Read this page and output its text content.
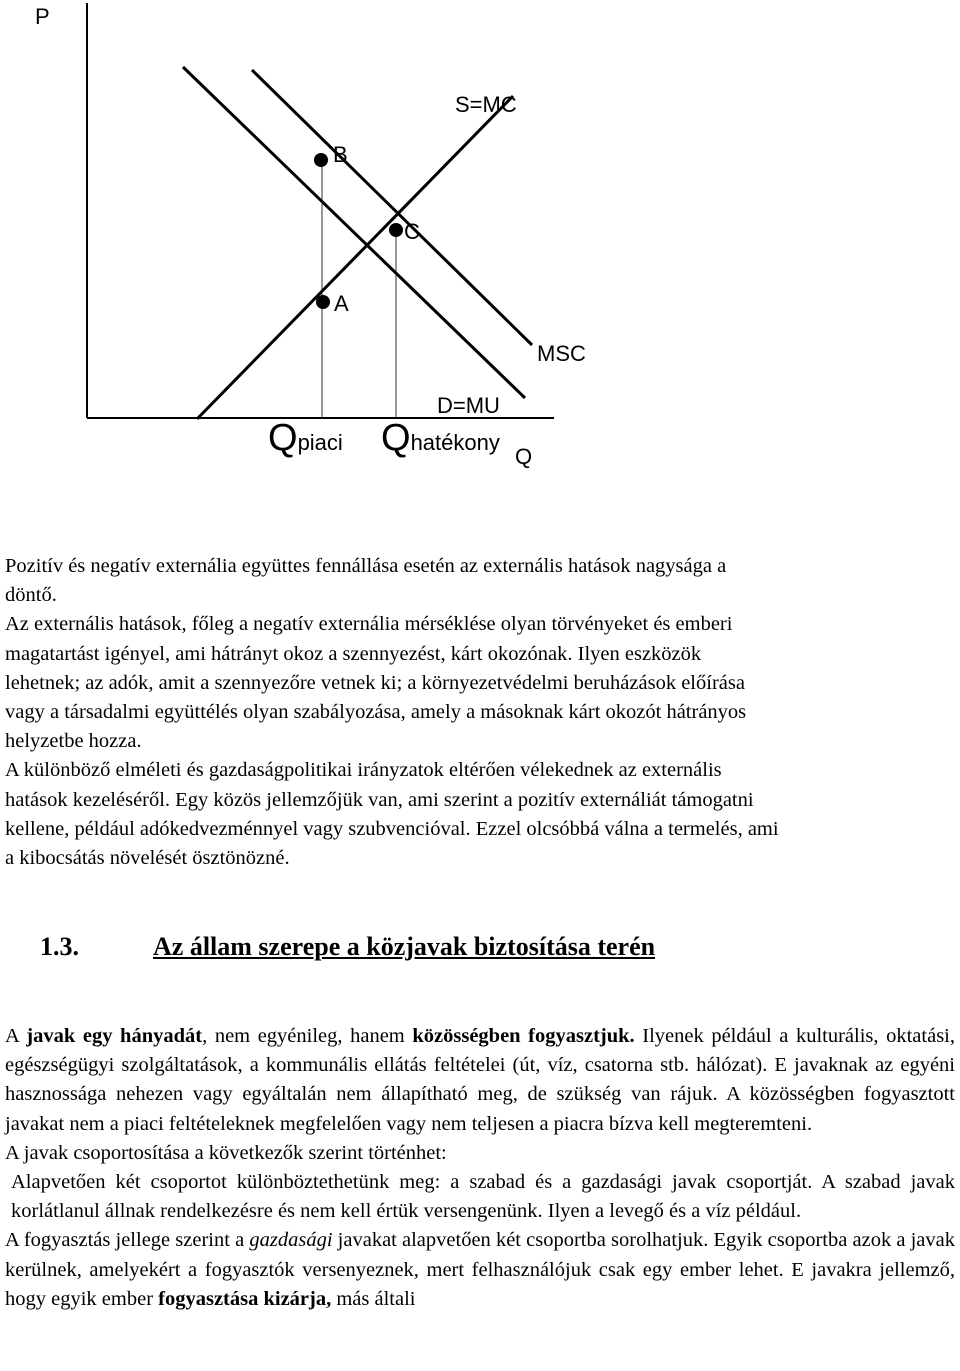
P
S=MC
B
C
A
MSC
D=MU
Qpiaci Qhatékony
Q

Pozitív és negatív externália együttes fennállása esetén az externális hatások nagysága a

döntő.

Az externális hatások, főleg a negatív externália mérséklése olyan törvényeket és emberi

magatartást igényel, ami hátrányt okoz a szennyezést, kárt okozónak. Ilyen eszközök

lehetnek; az adók, amit a szennyezőre vetnek ki; a környezetvédelmi beruházások előírása

vagy a társadalmi együttélés olyan szabályozása, amely a másoknak kárt okozót hátrányos

helyzetbe hozza.

A különböző elméleti és gazdaságpolitikai irányzatok eltérően vélekednek az externális

hatások kezeléséről. Egy közös jellemzőjük van, ami szerint a pozitív externáliát támogatni

kellene, például adókedvezménnyel vagy szubvencióval. Ezzel olcsóbbá válna a termelés, ami

a kibocsátás növelését ösztönözné.

1.3.	Az állam szerepe a közjavak biztosítása terén

A javak egy hányadát, nem egyénileg, hanem közösségben fogyasztjuk. Ilyenek például a kulturális, oktatási, egészségügyi szolgáltatások, a kommunális ellátás feltételei (út, víz, csatorna stb. hálózat). E javaknak az egyéni hasznossága nehezen vagy egyáltalán nem állapítható meg, de szükség van rájuk. A közösségben fogyasztott javakat nem a piaci feltételeknek megfelelően vagy nem teljesen a piacra bízva kell megteremteni.

A javak csoportosítása a következők szerint történhet:

Alapvetően két csoportot különböztethetünk meg: a szabad és a gazdasági javak csoportját. A szabad javak korlátlanul állnak rendelkezésre és nem kell értük versengenünk. Ilyen a levegő és a víz például.

A fogyasztás jellege szerint a gazdasági javakat alapvetően két csoportba sorolhatjuk. Egyik csoportba azok a javak kerülnek, amelyekért a fogyasztók versenyeznek, mert felhasználójuk csak egy ember lehet. E javakra jellemző, hogy egyik ember fogyasztása kizárja, más általi
